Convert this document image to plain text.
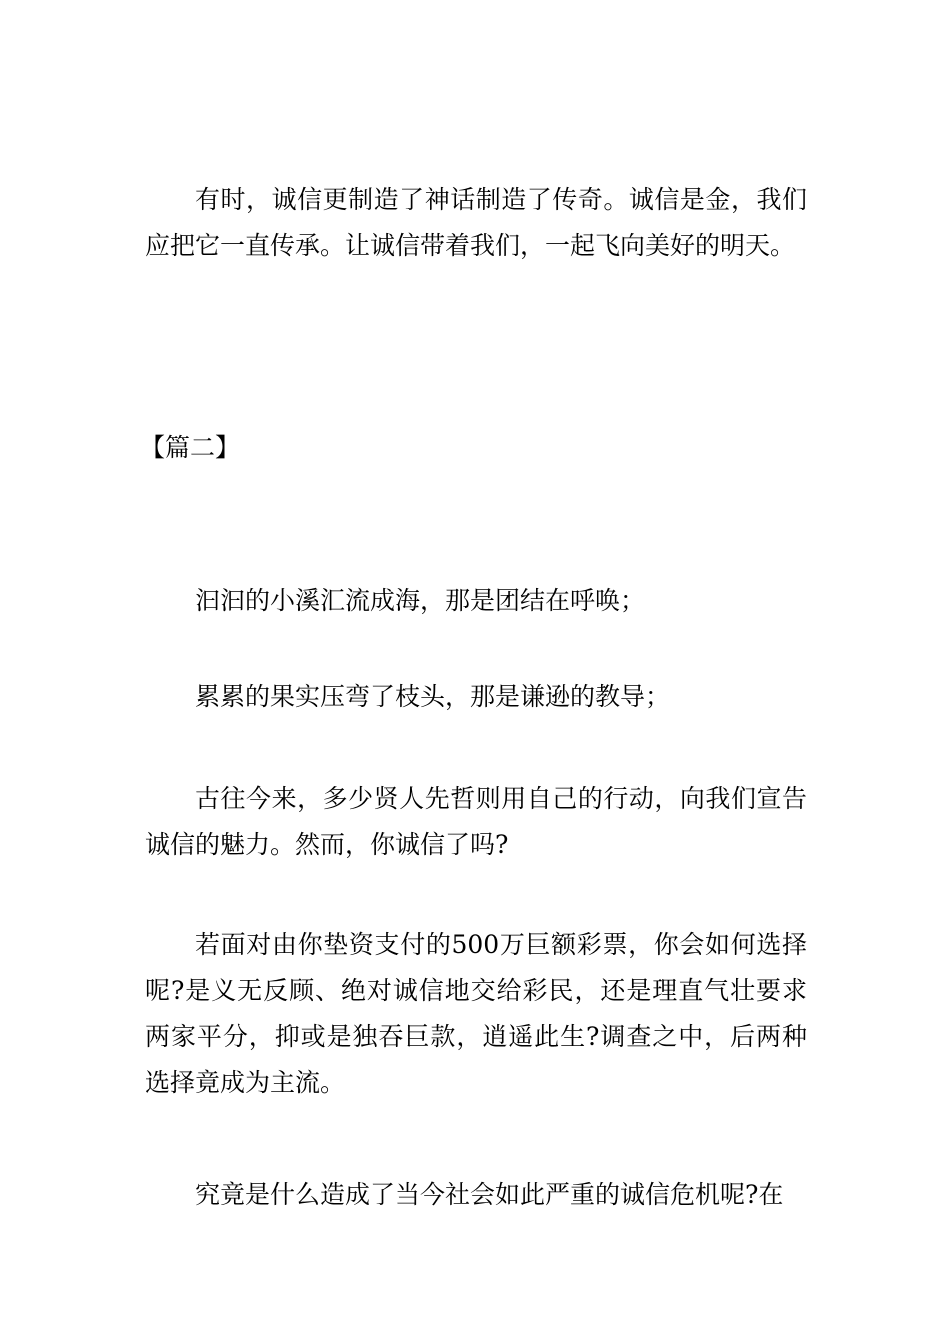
有时，诚信更制造了神话制造了传奇。诚信是金，我们应把它一直传承。让诚信带着我们，一起飞向美好的明天。

【篇二】

汩汩的小溪汇流成海，那是团结在呼唤；

累累的果实压弯了枝头，那是谦逊的教导；

古往今来，多少贤人先哲则用自己的行动，向我们宣告诚信的魅力。然而，你诚信了吗?

若面对由你垫资支付的500万巨额彩票，你会如何选择呢?是义无反顾、绝对诚信地交给彩民，还是理直气壮要求两家平分，抑或是独吞巨款，逍遥此生?调查之中，后两种选择竟成为主流。

究竟是什么造成了当今社会如此严重的诚信危机呢?在
